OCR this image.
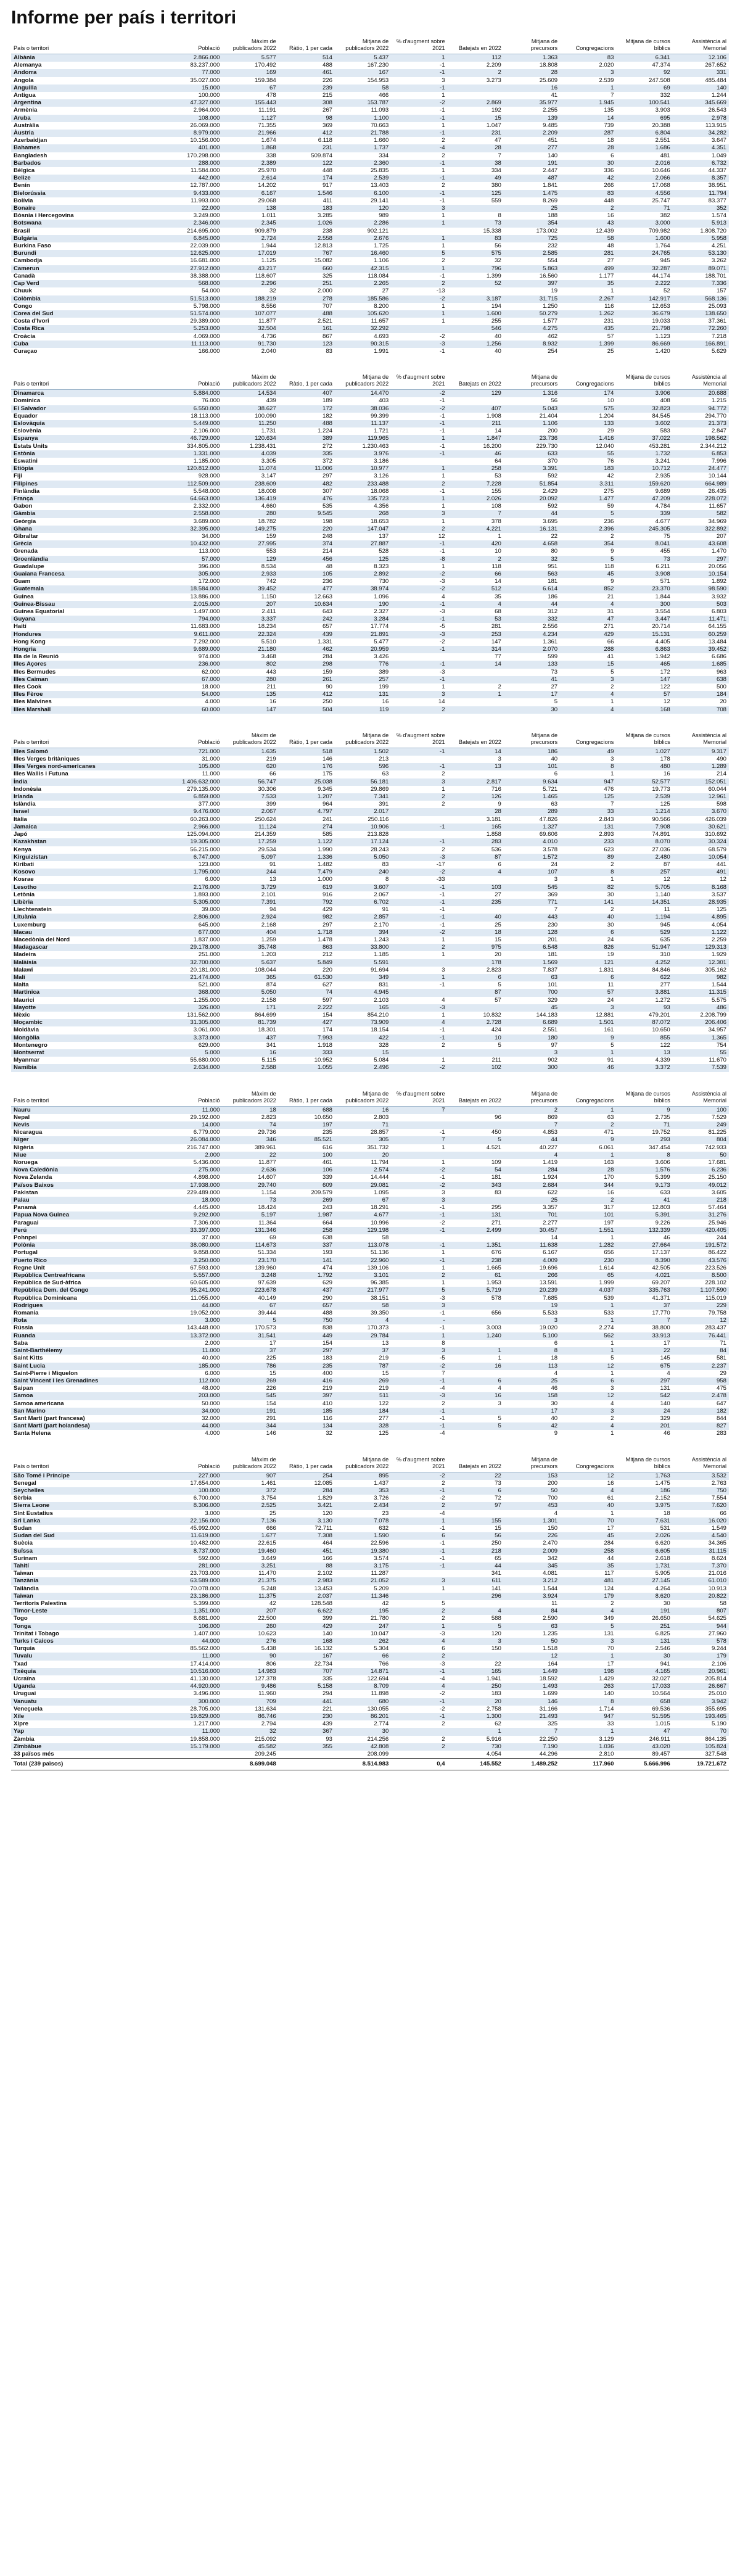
Informe per país i territori
País o territori	Població	Màxim de publicadors 2022	Ràtio, 1 per cada	Mitjana de publicadors 2022	% d'augment sobre 2021	Batejats en 2022	Mitjana de precursors	Congregacions	Mitjana de cursos bíblics	Assistència al Memorial
Albània	2.866.000	5.577	514	5.437	1	112	1.363	83	6.341	12.106
Alemanya	83.237.000	170.492	488	167.230	-1	2.209	18.808	2.020	47.374	267.652
Andorra	77.000	169	461	167	-1	2	28	3	92	331
Angola	35.027.000	159.384	226	154.953	3	3.273	25.609	2.539	247.508	485.484
Anguilla	15.000	67	239	58	-1		16	1	69	140
Antigua	100.000	478	215	466	1		41	7	332	1.244
Argentina	47.327.000	155.443	308	153.787	-2	2.869	35.977	1.945	100.541	345.669
Armènia	2.964.000	11.191	267	11.093	-1	192	2.255	135	3.903	26.543
Aruba	108.000	1.127	98	1.100	-1	15	139	14	695	2.978
Austràlia	26.069.000	71.355	369	70.663	1	1.047	9.485	739	20.388	113.915
Àustria	8.979.000	21.966	412	21.788	-1	231	2.209	287	6.804	34.282
Azerbaidjan	10.156.000	1.674	6.118	1.660	2	47	451	18	2.551	3.647
Bahames	401.000	1.868	231	1.737	-4	28	277	28	1.686	4.351
Bangladesh	170.298.000	338	509.874	334	2	7	140	6	481	1.049
Barbados	288.000	2.389	122	2.360	-1	38	191	30	2.016	6.732
Bèlgica	11.584.000	25.970	448	25.835	1	334	2.447	336	10.646	44.337
Belize	442.000	2.614	174	2.539	-1	49	487	42	2.066	8.357
Benín	12.787.000	14.202	917	13.403	2	380	1.841	266	17.068	38.951
Bielorússia	9.433.000	6.167	1.546	6.100	-1	125	1.475	83	4.556	11.794
Bolívia	11.993.000	29.068	411	29.141	-1	559	8.269	448	25.747	83.377
Bonaire	22.000	138	183	120	3		25	2	71	352
Bòsnia i Hercegovina	3.249.000	1.011	3.285	989	1	8	188	16	382	1.574
Botswana	2.346.000	2.345	1.026	2.286	1	73	354	43	3.000	5.913
Brasil	214.695.000	909.879	238	902.121		15.338	173.002	12.439	709.982	1.808.720
Bulgària	6.845.000	2.724	2.558	2.676	1	83	725	58	1.600	5.958
Burkina Faso	22.039.000	1.944	12.813	1.725	1	56	232	48	1.764	4.251
Burundi	12.625.000	17.019	767	16.460	5	575	2.585	281	24.765	53.130
Cambodja	16.681.000	1.125	15.082	1.106	2	32	554	27	945	3.262
Camerun	27.912.000	43.217	660	42.315	1	796	5.863	499	32.287	89.071
Canadà	38.388.000	118.607	325	118.084	-1	1.399	16.560	1.177	44.174	188.701
Cap Verd	568.000	2.296	251	2.265	2	52	397	35	2.222	7.336
Chuuk	54.000	32	2.000	27	-13		19	1	52	157
Colòmbia	51.513.000	188.219	278	185.586	-2	3.187	31.715	2.267	142.917	568.136
Congo	5.798.000	8.556	707	8.200	1	194	1.250	116	12.653	25.093
Corea del Sud	51.574.000	107.077	488	105.620	1	1.600	50.279	1.262	36.679	138.650
Costa d'Ivori	29.389.000	11.877	2.521	11.657	1	255	1.577	231	19.033	37.361
Costa Rica	5.253.000	32.504	161	32.292		546	4.275	435	21.798	72.260
Croàcia	4.069.000	4.736	867	4.693	-2	40	462	57	1.123	7.218
Cuba	11.113.000	91.730	123	90.315	-3	1.256	8.932	1.399	86.669	166.891
Curaçao	166.000	2.040	83	1.991	-1	40	254	25	1.420	5.629
País o territori	Població	Màxim de publicadors 2022	Ràtio, 1 per cada	Mitjana de publicadors 2022	% d'augment sobre 2021	Batejats en 2022	Mitjana de precursors	Congregacions	Mitjana de cursos bíblics	Assistència al Memorial
Dinamarca	5.884.000	14.534	407	14.470	-2	129	1.316	174	3.906	20.688
Dominica	76.000	439	189	403	-1		56	10	408	1.215
El Salvador	6.550.000	38.627	172	38.036	-2	407	5.043	575	32.823	94.772
Equador	18.113.000	100.090	182	99.399	-1	1.908	21.404	1.204	84.545	294.770
Eslovàquia	5.449.000	11.250	488	11.137	-1	211	1.106	133	3.602	21.373
Eslovènia	2.106.000	1.731	1.224	1.721	-1	14	200	29	583	2.847
Espanya	46.729.000	120.634	389	119.965	1	1.847	23.736	1.416	37.022	198.562
Estats Units	334.805.000	1.238.431	272	1.230.463	-1	16.200	229.730	12.040	453.281	2.344.212
Estònia	1.331.000	4.039	335	3.976	-1	46	633	55	1.732	6.853
Eswatini	1.185.000	3.305	372	3.186		64	370	76	3.241	7.996
Etiòpia	120.812.000	11.074	11.006	10.977	1	258	3.391	183	10.712	24.477
Fiji	928.000	3.147	297	3.126	1	53	592	42	2.935	10.144
Filipines	112.509.000	238.609	482	233.488	2	7.228	51.854	3.311	159.620	664.989
Finlàndia	5.548.000	18.008	307	18.068	-1	155	2.429	275	9.689	26.435
França	64.663.000	136.419	476	135.723	1	2.026	20.092	1.477	47.209	228.072
Gabon	2.332.000	4.660	535	4.356	1	108	592	59	4.784	11.657
Gàmbia	2.558.000	280	9.545	268	3	7	44	5	339	582
Geòrgia	3.689.000	18.782	198	18.653	1	378	3.695	236	4.677	34.969
Ghana	32.395.000	149.275	220	147.047	2	4.221	16.131	2.396	245.305	322.892
Gibraltar	34.000	159	248	137	12	1	22	2	75	207
Grècia	10.432.000	27.995	374	27.887	-1	420	4.658	354	8.041	43.608
Grenada	113.000	553	214	528	-1	10	80	9	455	1.470
Groenlàndia	57.000	129	456	125	-8	2	32	5	73	297
Guadalupe	396.000	8.534	48	8.323	1	118	951	118	6.211	20.056
Guaiana Francesa	305.000	2.933	105	2.892	-2	66	563	45	3.908	10.154
Guam	172.000	742	236	730	-3	14	181	9	571	1.892
Guatemala	18.584.000	39.452	477	38.974	-2	512	6.614	852	23.370	98.590
Guinea	13.886.000	1.150	12.663	1.096	4	35	186	21	1.844	3.932
Guinea-Bissau	2.015.000	207	10.634	190	-1	4	44	4	300	503
Guinea Equatorial	1.497.000	2.411	643	2.327	-3	68	312	31	3.554	6.803
Guyana	794.000	3.337	242	3.284	-1	53	332	47	3.447	11.471
Haití	11.683.000	18.234	657	17.774	-5	281	2.556	271	20.714	64.155
Hondures	9.611.000	22.324	439	21.891	-3	253	4.234	429	15.131	60.259
Hong Kong	7.292.000	5.510	1.331	5.477	-2	147	1.361	66	4.405	13.484
Hongria	9.689.000	21.180	462	20.959	-1	314	2.070	288	6.863	39.452
Illa de la Reunió	974.000	3.468	284	3.426		77	599	41	1.942	6.686
Illes Açores	236.000	802	298	776	-1	14	133	15	465	1.685
Illes Bermudes	62.000	443	159	389	-3		73	5	172	963
Illes Caiman	67.000	280	261	257	-1		41	3	147	638
Illes Cook	18.000	211	90	199	1	2	27	2	122	500
Illes Fèroe	54.000	135	412	131	3	1	17	4	57	184
Illes Malvines	4.000	16	250	16	14		5	1	12	20
Illes Marshall	60.000	147	504	119	2		30	4	168	708
País o territori	Població	Màxim de publicadors 2022	Ràtio, 1 per cada	Mitjana de publicadors 2022	% d'augment sobre 2021	Batejats en 2022	Mitjana de precursors	Congregacions	Mitjana de cursos bíblics	Assistència al Memorial
Illes Salomó	721.000	1.635	518	1.502	-1	14	186	49	1.027	9.317
Illes Verges britàniques	31.000	219	146	213		3	40	3	178	490
Illes Verges nord-americanes	105.000	620	176	596	-1	13	101	8	480	1.289
Illes Wallis i Futuna	11.000	66	175	63	2		6	1	16	214
Índia	1.406.632.000	56.747	25.038	56.181	3	2.817	9.634	947	52.577	152.051
Indonèsia	279.135.000	30.306	9.345	29.869	1	716	5.721	476	19.773	60.044
Irlanda	6.859.000	7.533	1.207	7.341	2	126	1.465	125	2.539	12.961
Islàndia	377.000	399	964	391	2	9	63	7	125	598
Israel	9.476.000	2.067	4.797	2.017		28	289	33	1.214	3.670
Itàlia	60.263.000	250.624	241	250.116		3.181	47.826	2.843	90.566	426.039
Jamaica	2.966.000	11.124	274	10.906	-1	165	1.327	131	7.908	30.621
Japó	125.094.000	214.359	585	213.828		1.858	69.606	2.893	74.891	310.692
Kazakhstan	19.305.000	17.259	1.122	17.124	-1	283	4.010	233	8.070	30.324
Kenya	56.215.000	29.534	1.990	28.243	2	536	3.578	623	27.036	68.579
Kirguizistan	6.747.000	5.097	1.336	5.050	-3	87	1.572	89	2.480	10.054
Kiribati	123.000	91	1.482	83	-17	6	24	2	87	441
Kosovo	1.795.000	244	7.479	240	-2	4	107	8	257	491
Kosrae	6.000	13	1.000	8	-33		3	1	12	12
Lesotho	2.176.000	3.729	619	3.607	-1	103	545	82	5.705	8.168
Letònia	1.893.000	2.101	916	2.067	-1	27	369	30	1.140	3.537
Libèria	5.305.000	7.391	792	6.702	-1	235	771	141	14.351	28.935
Liechtenstein	39.000	94	429	91	-1		7	2	11	125
Lituània	2.806.000	2.924	982	2.857	-1	40	443	40	1.194	4.895
Luxemburg	645.000	2.168	297	2.170	-1	25	230	30	945	4.054
Macau	677.000	404	1.718	394	-2	18	128	6	529	1.122
Macedònia del Nord	1.837.000	1.259	1.478	1.243	1	15	201	24	635	2.259
Madagascar	29.178.000	35.748	863	33.800	2	975	6.548	826	51.947	129.313
Madeira	251.000	1.203	212	1.185	1	20	181	19	310	1.929
Malàisia	32.700.000	5.637	5.849	5.591		178	1.569	121	4.252	12.301
Malawi	20.181.000	108.044	220	91.694	3	2.823	7.837	1.831	84.846	305.162
Malí	21.474.000	365	61.530	349	1	6	63	6	622	982
Malta	521.000	874	627	831	-1	5	101	11	277	1.544
Martinica	368.000	5.050	74	4.945		87	700	57	3.881	11.315
Maurici	1.255.000	2.158	597	2.103	4	57	329	24	1.272	5.575
Mayotte	326.000	171	2.222	165	-3		45	3	93	486
Mèxic	131.562.000	864.699	154	854.210	1	10.832	144.183	12.881	479.201	2.208.799
Moçambic	31.305.000	81.739	427	73.909	4	2.728	6.689	1.501	87.072	206.406
Moldàvia	3.061.000	18.301	174	18.154	-1	424	2.551	161	10.650	34.957
Mongòlia	3.373.000	437	7.993	422	-1	10	180	9	855	1.365
Montenegro	629.000	341	1.918	328	2	5	97	5	122	754
Montserrat	5.000	16	333	15			3	1	13	55
Myanmar	55.680.000	5.115	10.952	5.084	1	211	902	91	4.339	11.670
Namíbia	2.634.000	2.588	1.055	2.496	-2	102	300	46	3.372	7.539
País o territori	Població	Màxim de publicadors 2022	Ràtio, 1 per cada	Mitjana de publicadors 2022	% d'augment sobre 2021	Batejats en 2022	Mitjana de precursors	Congregacions	Mitjana de cursos bíblics	Assistència al Memorial
Nauru	11.000	18	688	16	7		2	1	9	100
Nepal	29.192.000	2.823	10.650	2.803		96	869	63	2.735	7.529
Nevis	14.000	74	197	71			7	2	71	249
Nicaragua	6.779.000	29.736	235	28.857	-1	450	4.853	471	19.752	81.225
Níger	26.084.000	346	85.521	305	7	5	44	9	293	804
Nigèria	216.747.000	389.961	616	351.732	1	4.521	40.227	6.061	347.454	742.933
Niue	2.000	22	100	20			4	1	8	50
Noruega	5.436.000	11.877	461	11.794	1	109	1.419	163	3.606	17.681
Nova Caledònia	275.000	2.636	106	2.574	-2	54	284	28	1.576	6.236
Nova Zelanda	4.898.000	14.607	339	14.444	-1	181	1.924	170	5.399	25.150
Països Baixos	17.938.000	29.740	609	29.081	-2	343	2.684	344	9.173	49.012
Pakistan	229.489.000	1.154	209.579	1.095	3	83	622	16	633	3.605
Palau	18.000	73	269	67	3		25	2	41	218
Panamà	4.445.000	18.424	243	18.291	-1	295	3.357	317	12.803	57.464
Papua Nova Guinea	9.292.000	5.197	1.987	4.677	-1	131	701	101	5.391	31.276
Paraguai	7.306.000	11.364	664	10.996	-2	271	2.277	197	9.226	25.946
Perú	33.397.000	131.346	258	129.198	-1	2.499	30.457	1.551	132.339	420.405
Pohnpei	37.000	69	638	58			14	1	46	244
Polònia	38.080.000	114.673	337	113.078	-1	1.351	11.638	1.282	27.664	191.572
Portugal	9.858.000	51.334	193	51.136	1	676	6.167	656	17.137	86.422
Puerto Rico	3.250.000	23.170	141	22.960	-1	238	4.009	230	8.390	43.576
Regne Unit	67.593.000	139.960	474	139.106	1	1.665	19.696	1.614	42.505	223.526
República Centreafricana	5.557.000	3.248	1.792	3.101	2	61	266	65	4.021	8.500
República de Sud-àfrica	60.605.000	97.639	629	96.385	1	1.953	13.591	1.999	69.207	228.102
República Dem. del Congo	95.241.000	223.678	437	217.977	5	5.719	20.239	4.037	335.763	1.107.590
República Dominicana	11.055.000	40.149	290	38.151	-3	578	7.685	539	41.371	115.019
Rodrigues	44.000	67	657	58	3		19	1	37	229
Romania	19.052.000	39.444	488	39.350	-1	656	5.533	533	17.770	79.758
Rota	3.000	5	750	4	-		3	1	7	12
Rússia	143.448.000	170.573	838	170.373	-1	3.003	19.020	2.274	38.800	283.437
Ruanda	13.372.000	31.541	449	29.784	1	1.240	5.100	562	33.913	76.441
Saba	2.000	17	154	13	8		6	1	17	71
Saint-Barthélemy	11.000	37	297	37	3	1	8	1	22	84
Saint Kitts	40.000	225	183	219	-5	1	18	5	145	581
Saint Lucia	185.000	786	235	787	-2	16	113	12	675	2.237
Saint-Pierre i Miquelon	6.000	15	400	15	7		4	1	4	29
Saint Vincent i les Grenadines	112.000	269	416	269	-1	6	25	6	297	958
Saipan	48.000	226	219	219	-4	4	46	3	131	475
Samoa	203.000	545	397	511	-3	16	158	12	542	2.478
Samoa americana	50.000	154	410	122	2	3	30	4	140	647
San Marino	34.000	191	185	184	-1		17	3	24	182
Sant Martí (part francesa)	32.000	291	116	277	-1	5	40	2	329	844
Sant Martí (part holandesa)	44.000	344	134	328	-1	5	42	4	201	827
Santa Helena	4.000	146	32	125	-4		9	1	46	283
País o territori	Població	Màxim de publicadors 2022	Ràtio, 1 per cada	Mitjana de publicadors 2022	% d'augment sobre 2021	Batejats en 2022	Mitjana de precursors	Congregacions	Mitjana de cursos bíblics	Assistència al Memorial
São Tomé i Príncipe	227.000	907	254	895	-2	22	153	12	1.763	3.532
Senegal	17.654.000	1.461	12.085	1.437	2	73	200	16	1.475	2.763
Seychelles	100.000	372	284	353	-1	6	50	4	186	750
Sèrbia	6.700.000	3.754	1.829	3.726	-2	72	700	61	2.152	7.554
Sierra Leone	8.306.000	2.525	3.421	2.434	2	97	453	40	3.975	7.620
Sint Eustatius	3.000	25	120	23	-4		4	1	18	66
Sri Lanka	22.156.000	7.136	3.130	7.078	1	155	1.301	70	7.631	16.020
Sudan	45.992.000	666	72.711	632	-1	15	150	17	531	1.549
Sudan del Sud	11.619.000	1.677	7.308	1.590	6	56	226	45	2.026	4.540
Suècia	10.482.000	22.615	464	22.596	-1	250	2.470	284	6.620	34.365
Suïssa	8.737.000	19.460	451	19.380	-1	218	2.009	258	6.605	31.115
Surinam	592.000	3.649	166	3.574	-1	65	342	44	2.618	8.624
Tahití	281.000	3.251	88	3.175	-1	44	345	35	1.731	7.370
Taiwan	23.703.000	11.470	2.102	11.287		341	4.081	117	5.905	21.016
Tanzània	63.589.000	21.375	2.983	21.052	3	611	3.212	481	27.145	61.010
Tailàndia	70.078.000	5.248	13.453	5.209	1	141	1.544	124	4.264	10.913
Taiwan	23.186.000	11.375	2.037	11.346		296	3.924	179	8.620	20.822
Territoris Palestins	5.399.000	42	128.548	42	5		11	2	30	58
Timor-Leste	1.351.000	207	6.622	195	2	4	84	4	191	807
Togo	8.681.000	22.500	399	21.780	2	588	2.590	349	26.650	54.625
Tonga	106.000	260	429	247	1	5	63	5	251	944
Trinitat i Tobago	1.407.000	10.623	140	10.047	-3	120	1.235	131	6.825	27.960
Turks i Caicos	44.000	276	168	262	4	3	50	3	131	578
Turquia	85.562.000	5.438	16.132	5.304	6	150	1.518	70	2.546	9.244
Tuvalu	11.000	90	167	66	2		12	1	30	179
Txad	17.414.000	806	22.734	766	-3	22	164	17	941	2.106
Txèquia	10.516.000	14.983	707	14.871	-1	165	1.449	198	4.165	20.961
Ucraïna	41.130.000	127.378	335	122.694	-4	1.941	18.592	1.429	32.027	205.814
Uganda	44.920.000	9.486	5.158	8.709	4	250	1.493	263	17.033	26.667
Uruguai	3.496.000	11.960	294	11.898	-2	183	1.699	140	10.564	25.010
Vanuatu	300.000	709	441	680	-1	20	146	8	658	3.942
Veneçuela	28.705.000	131.634	221	130.055	-2	2.758	31.166	1.714	69.536	355.695
Xile	19.829.000	86.746	230	86.201	-1	1.300	21.493	947	51.595	193.465
Xipre	1.217.000	2.794	439	2.774	2	62	325	33	1.015	5.190
Yap	11.000	32	367	30		1	7	1	47	70
Zàmbia	19.858.000	215.092	93	214.256	2	5.916	22.250	3.129	246.911	864.135
Zimbàbue	15.179.000	45.582	355	42.808	2	730	7.190	1.036	43.020	105.824
33 països més		209.245		208.099		4.054	44.296	2.810	89.457	327.548
Total (239 països)		8.699.048		8.514.983	0,4	145.552	1.489.252	117.960	5.666.996	19.721.672
